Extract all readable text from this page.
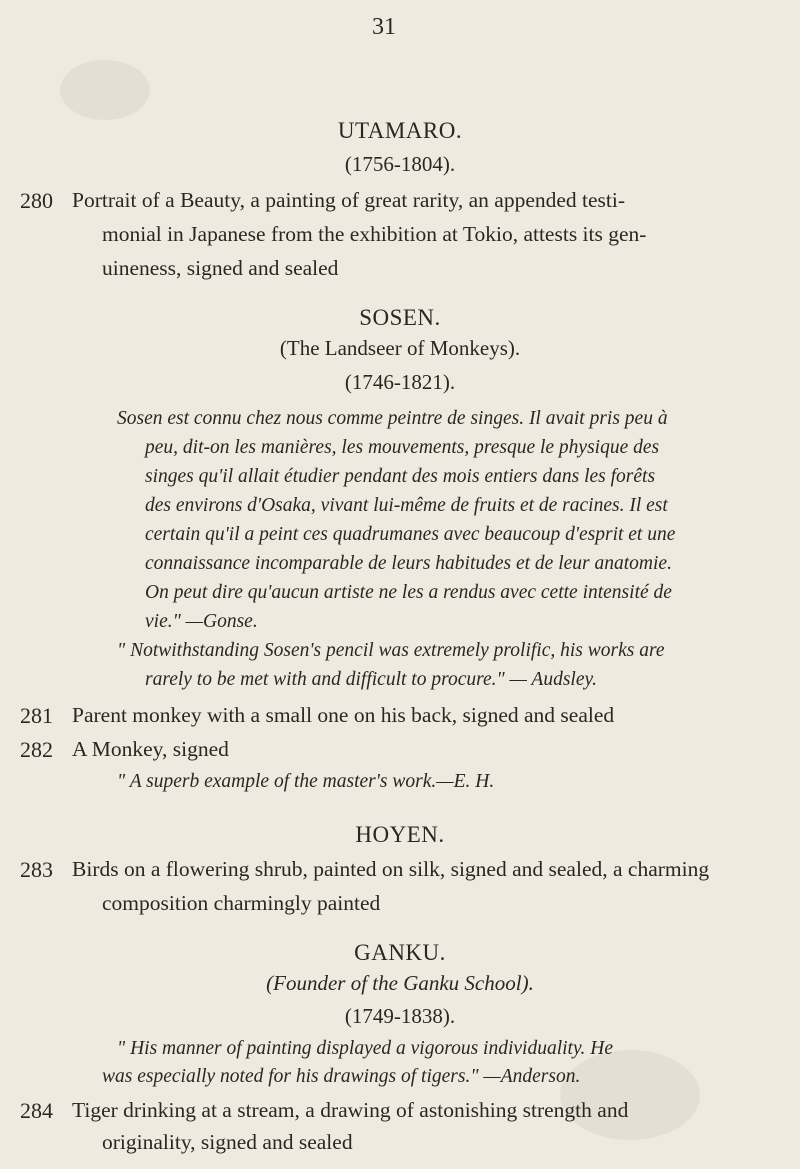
31
UTAMARO.
(1756-1804).
280 Portrait of a Beauty, a painting of great rarity, an appended testi-
monial in Japanese from the exhibition at Tokio, attests its gen-
uineness, signed and sealed
SOSEN.
(The Landseer of Monkeys).
(1746-1821).
Sosen est connu chez nous comme peintre de singes. Il avait pris peu à
peu, dit-on les manières, les mouvements, presque le physique des
singes qu'il allait étudier pendant des mois entiers dans les forêts
des environs d'Osaka, vivant lui-même de fruits et de racines. Il est
certain qu'il a peint ces quadrumanes avec beaucoup d'esprit et une
connaissance incomparable de leurs habitudes et de leur anatomie.
On peut dire qu'aucun artiste ne les a rendus avec cette intensité de
vie." —Gonse.
" Notwithstanding Sosen's pencil was extremely prolific, his works are
rarely to be met with and difficult to procure." — Audsley.
281 Parent monkey with a small one on his back, signed and sealed
282 A Monkey, signed
" A superb example of the master's work.—E. H.
HOYEN.
283 Birds on a flowering shrub, painted on silk, signed and sealed, a charming
composition charmingly painted
GANKU.
(Founder of the Ganku School).
(1749-1838).
" His manner of painting displayed a vigorous individuality. He
was especially noted for his drawings of tigers." —Anderson.
284 Tiger drinking at a stream, a drawing of astonishing strength and
originality, signed and sealed
